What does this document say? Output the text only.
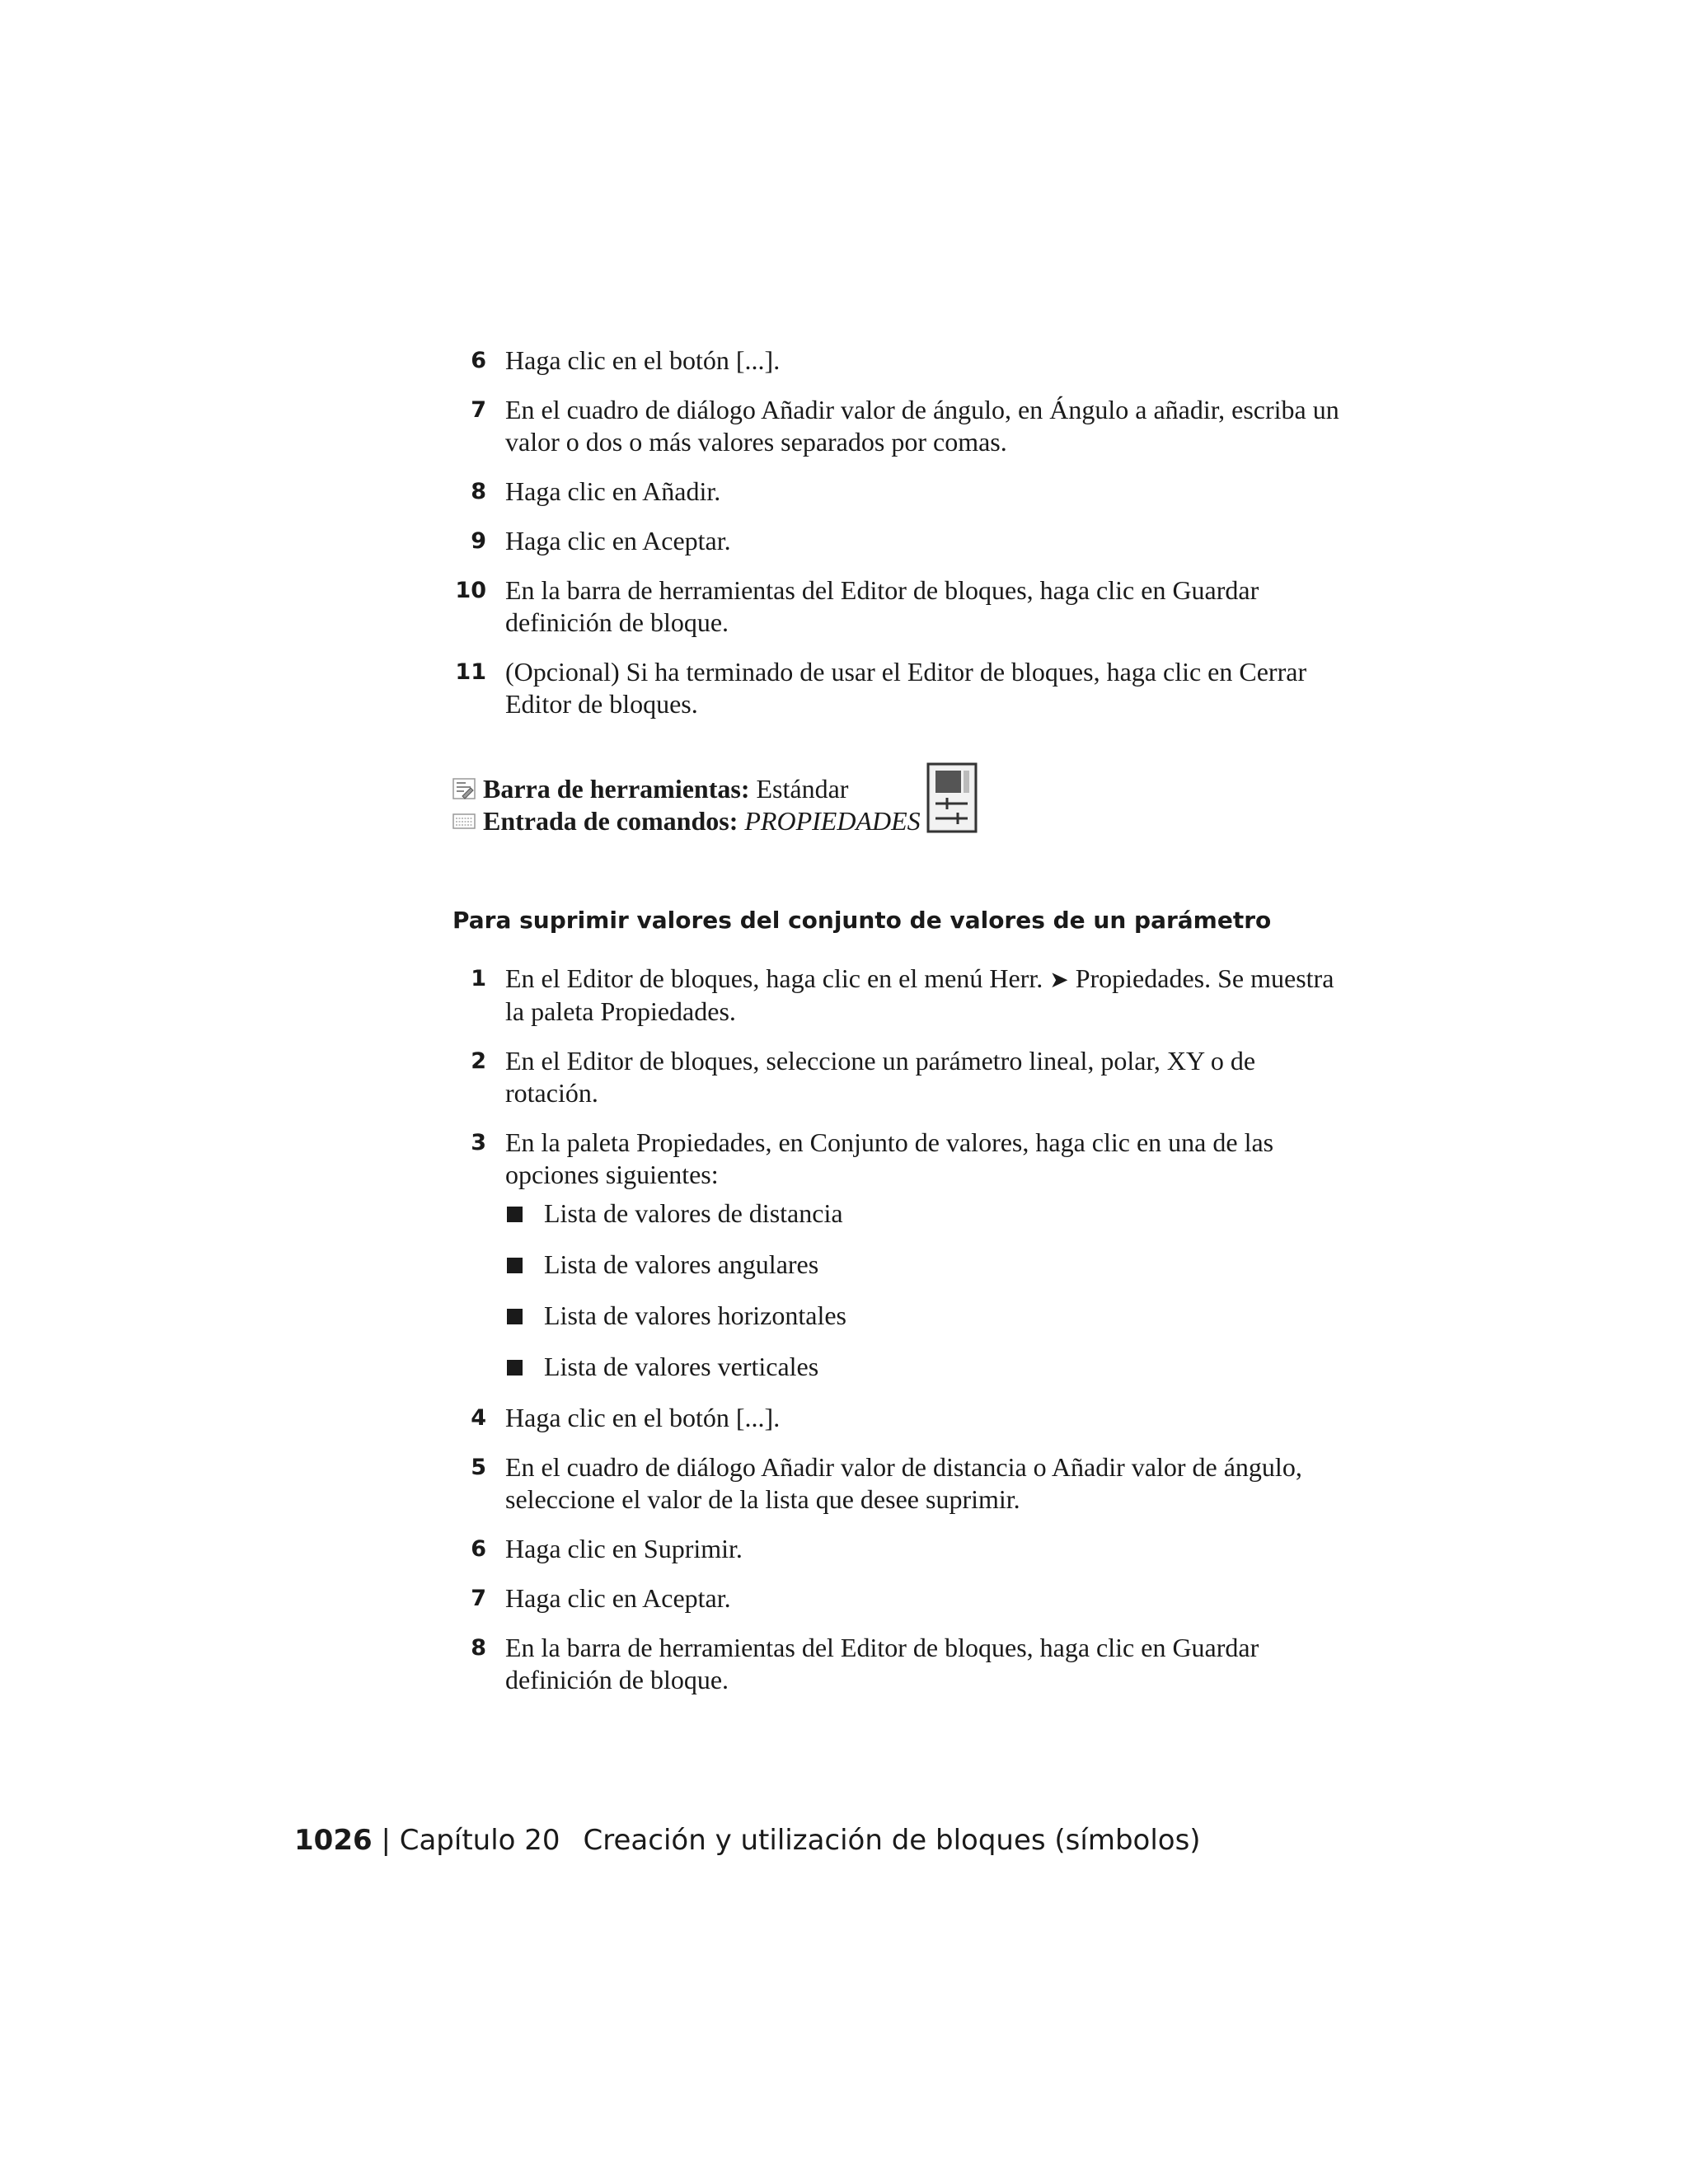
6 Haga clic en el botón [...].
7 En el cuadro de diálogo Añadir valor de ángulo, en Ángulo a añadir, escriba un valor o dos o más valores separados por comas.
8 Haga clic en Añadir.
9 Haga clic en Aceptar.
10 En la barra de herramientas del Editor de bloques, haga clic en Guardar definición de bloque.
11 (Opcional) Si ha terminado de usar el Editor de bloques, haga clic en Cerrar Editor de bloques.
Barra de herramientas: Estándar
Entrada de comandos: PROPIEDADES
Para suprimir valores del conjunto de valores de un parámetro
1 En el Editor de bloques, haga clic en el menú Herr. ➤ Propiedades. Se muestra la paleta Propiedades.
2 En el Editor de bloques, seleccione un parámetro lineal, polar, XY o de rotación.
3 En la paleta Propiedades, en Conjunto de valores, haga clic en una de las opciones siguientes:
Lista de valores de distancia
Lista de valores angulares
Lista de valores horizontales
Lista de valores verticales
4 Haga clic en el botón [...].
5 En el cuadro de diálogo Añadir valor de distancia o Añadir valor de ángulo, seleccione el valor de la lista que desee suprimir.
6 Haga clic en Suprimir.
7 Haga clic en Aceptar.
8 En la barra de herramientas del Editor de bloques, haga clic en Guardar definición de bloque.

1026 | Capítulo 20 Creación y utilización de bloques (símbolos)
